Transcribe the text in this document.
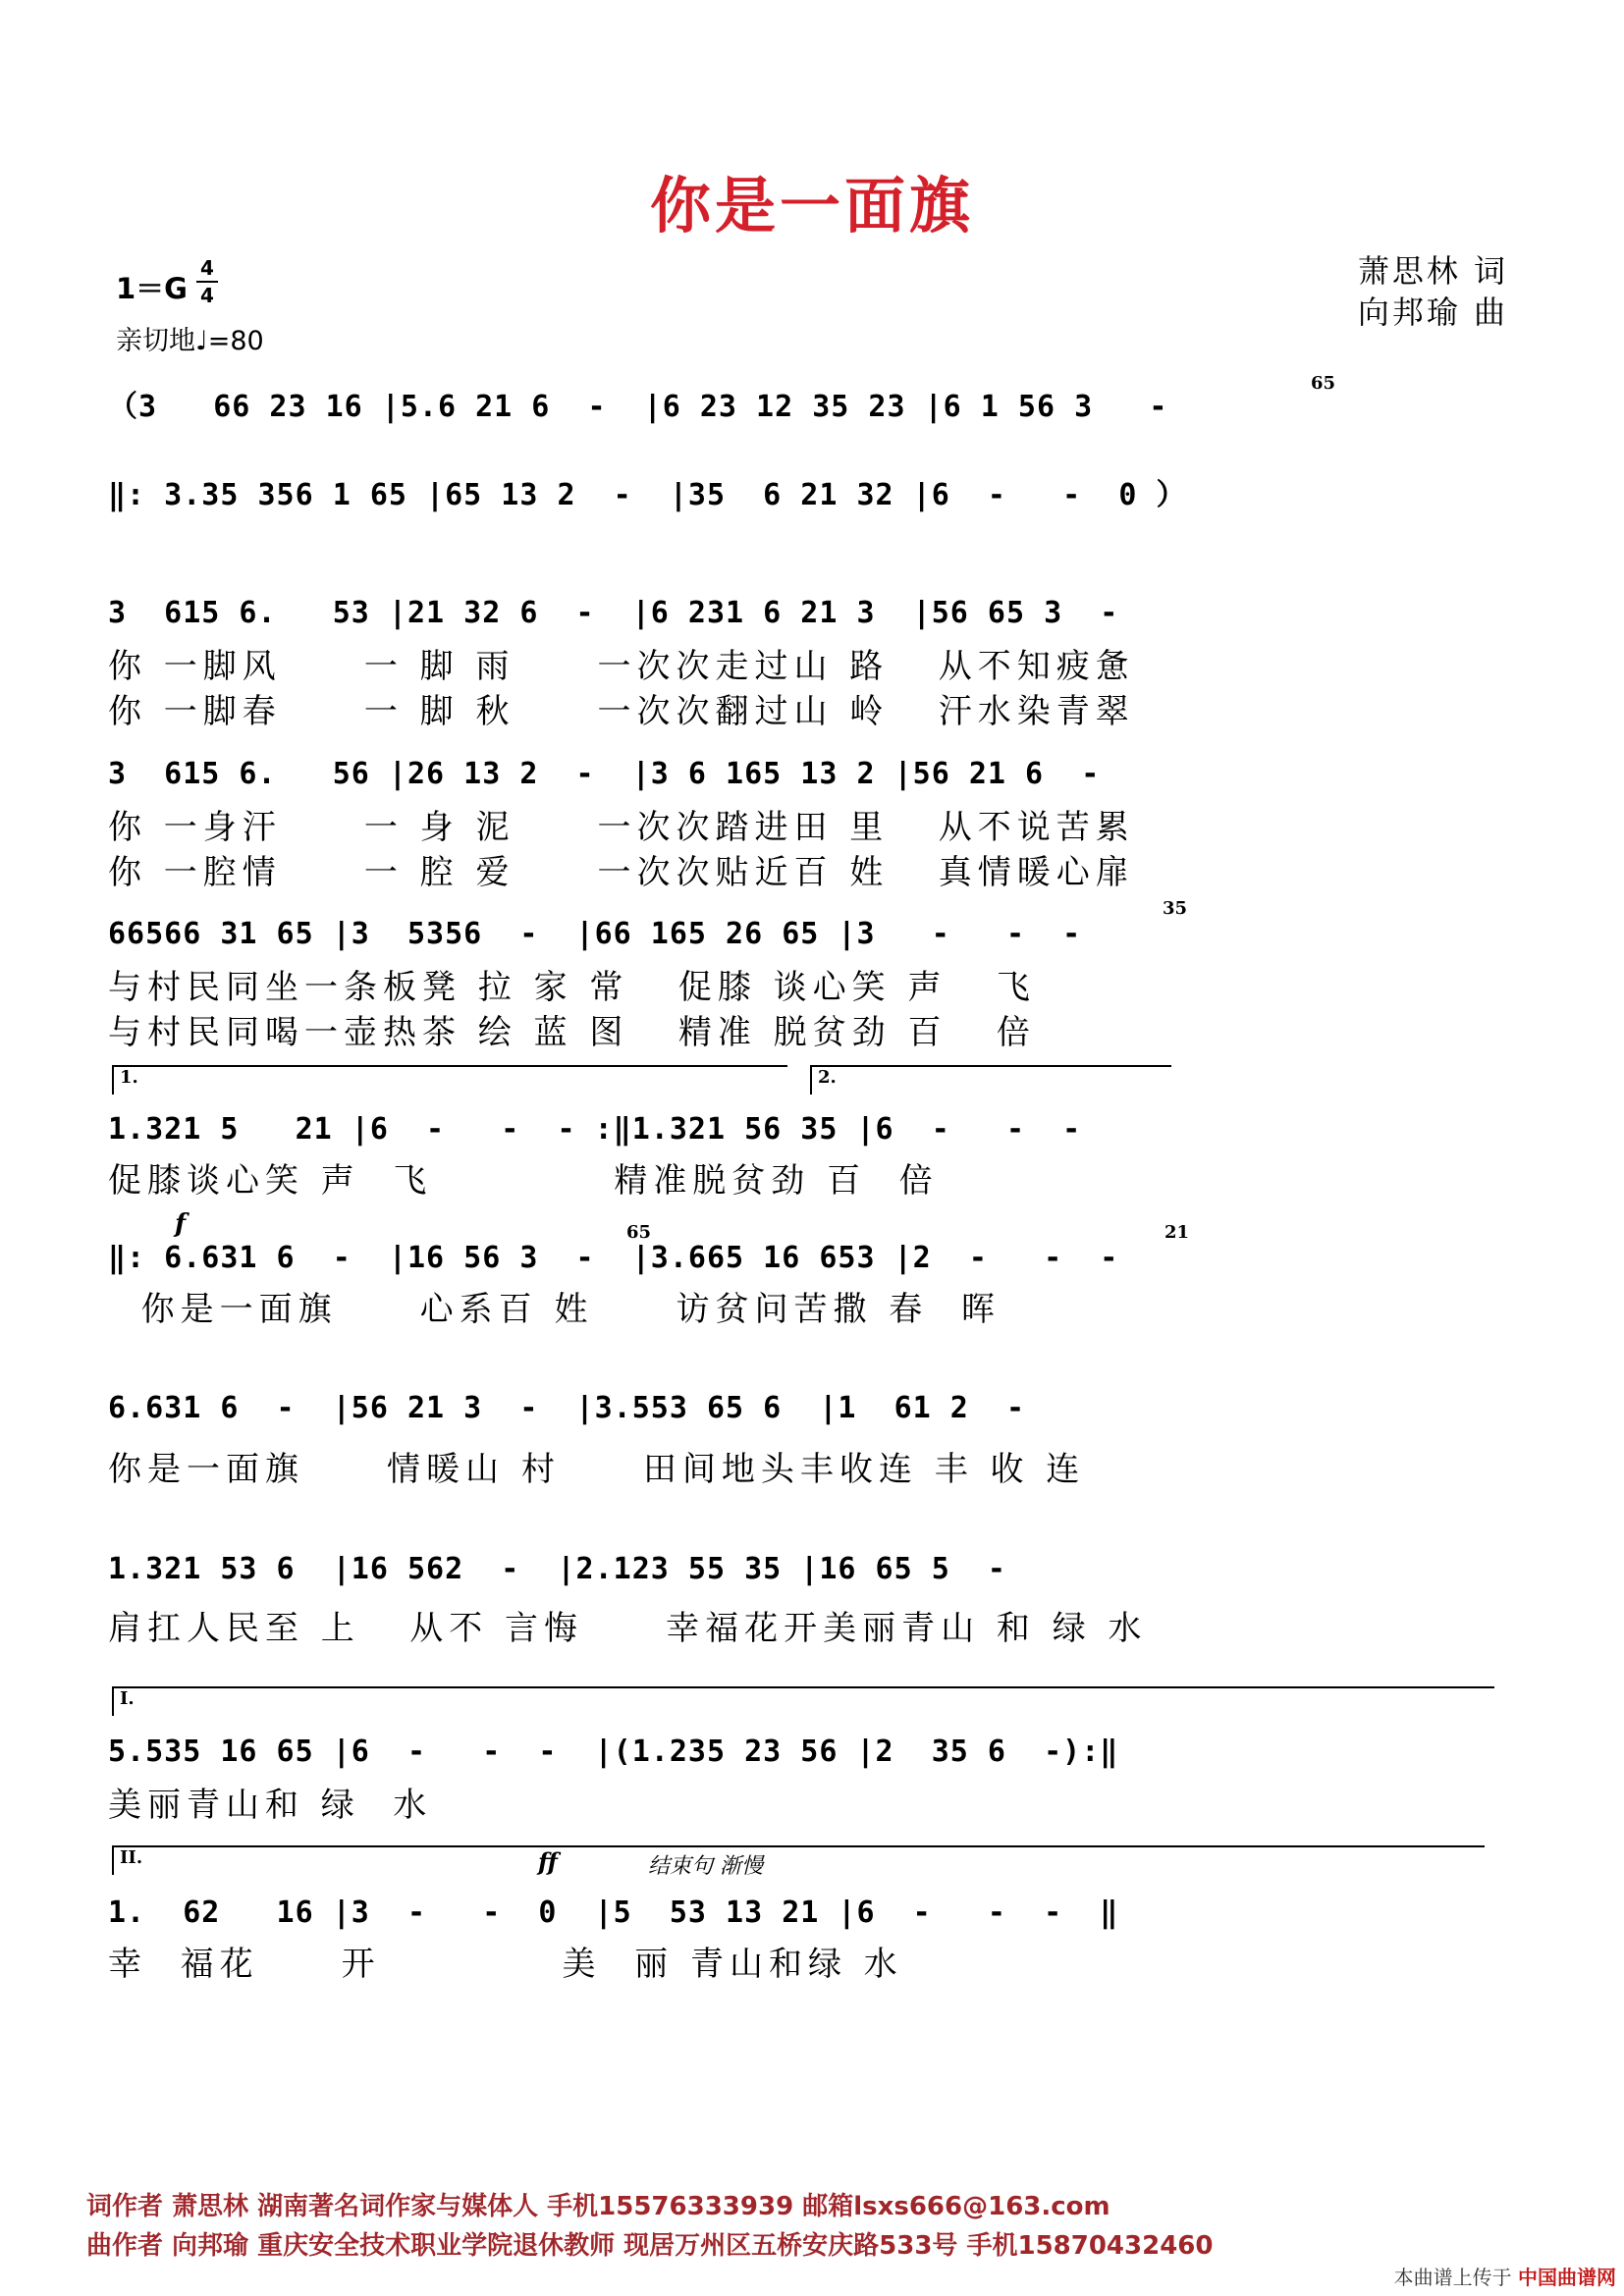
你是一面旗
1＝G
4
4
亲切地♩=80
萧思林 词
向邦瑜 曲
（3   66 23 16 |5.6 21 6  -  |6 23 12 35 23 |6 1 56 3   -
65
‖: 3.35 356 1 65 |65 13 2  -  |35  6 21 32 |6  -   -  0 ）
3  615 6.   53 |21 32 6  -  |6 231 6 21 3  |56 65 3  -
你 一脚风     一 脚 雨     一次次走过山 路   从不知疲惫
你 一脚春     一 脚 秋     一次次翻过山 岭   汗水染青翠
3  615 6.   56 |26 13 2  -  |3 6 165 13 2 |56 21 6  -
你 一身汗     一 身 泥     一次次踏进田 里   从不说苦累
你 一腔情     一 腔 爱     一次次贴近百 姓   真情暖心扉
66566 31 65 |3  5356  -  |66 165 26 65 |3   -   -  -
与村民同坐一条板凳 拉 家 常   促膝 谈心笑 声   飞
与村民同喝一壶热茶 绘 蓝 图   精准 脱贫劲 百   倍
35
1.	2.
1.321 5   21 |6  -   -  - :‖1.321 56 35 |6  -   -  -
促膝谈心笑 声  飞           精准脱贫劲 百  倍
f
‖: 6.631 6  -  |16 56 3  -  |3.665 16 653 |2  -   -  -
你是一面旗     心系百 姓     访贫问苦撒 春  晖
65	21
6.631 6  -  |56 21 3  -  |3.553 65 6  |1  61 2  -
你是一面旗     情暖山 村     田间地头丰收连 丰 收 连
1.321 53 6  |16 562  -  |2.123 55 35 |16 65 5  -
肩扛人民至 上   从不 言悔     幸福花开美丽青山 和 绿 水
I.
5.535 16 65 |6  -   -  -  |(1.235 23 56 |2  35 6  -):‖
美丽青山和 绿  水
II.	ff	结束句 渐慢
1.  62   16 |3  -   -  0  |5  53 13 21 |6  -   -  -  ‖
幸  福花     开           美  丽 青山和绿 水
词作者 萧思林 湖南著名词作家与媒体人 手机15576333939 邮箱lsxs666@163.com
曲作者 向邦瑜 重庆安全技术职业学院退休教师 现居万州区五桥安庆路533号 手机15870432460
本曲谱上传于 中国曲谱网
